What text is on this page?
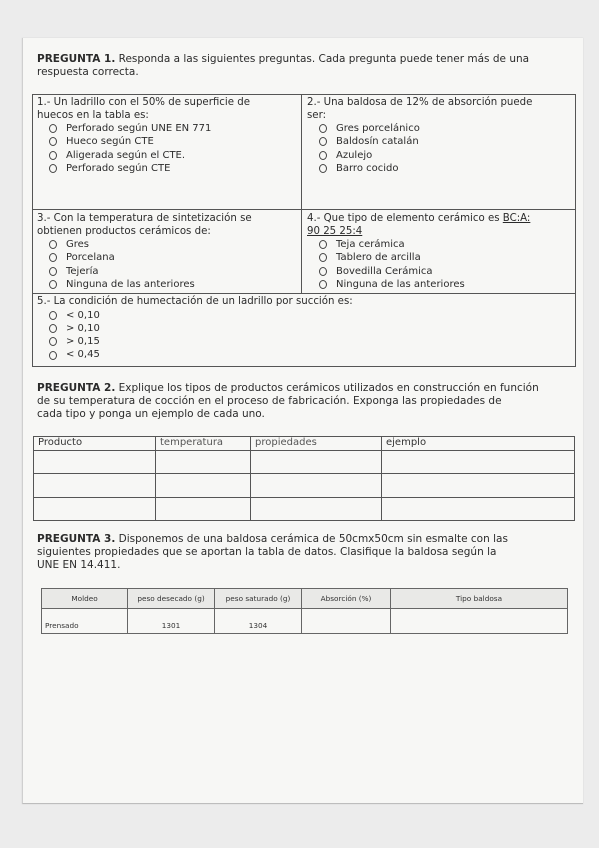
PREGUNTA 1. Responda a las siguientes preguntas. Cada pregunta puede tener más de una
respuesta correcta.
1.- Un ladrillo con el 50% de superficie de
huecos en la tabla es:
Perforado según UNE EN 771
Hueco según CTE
Aligerada según el CTE.
Perforado según CTE
2.- Una baldosa de 12% de absorción puede
ser:
Gres porcelánico
Baldosín catalán
Azulejo
Barro cocido
3.- Con la temperatura de sintetización se
obtienen productos cerámicos de:
Gres
Porcelana
Tejería
Ninguna de las anteriores
4.- Que tipo de elemento cerámico es BC:A:
90 25 25:4
Teja cerámica
Tablero de arcilla
Bovedilla Cerámica
Ninguna de las anteriores
5.- La condición de humectación de un ladrillo por succión es:
< 0,10
> 0,10
> 0,15
< 0,45
PREGUNTA 2. Explique los tipos de productos cerámicos utilizados en construcción en función
de su temperatura de cocción en el proceso de fabricación. Exponga las propiedades de
cada tipo y ponga un ejemplo de cada uno.
Producto	temperatura	propiedades	ejemplo

PREGUNTA 3. Disponemos de una baldosa cerámica de 50cmx50cm sin esmalte con las
siguientes propiedades que se aportan la tabla de datos. Clasifique la baldosa según la
UNE EN 14.411.
Moldeo	peso desecado (g)	peso saturado (g)	Absorción (%)	Tipo baldosa
Prensado	1301	1304		
